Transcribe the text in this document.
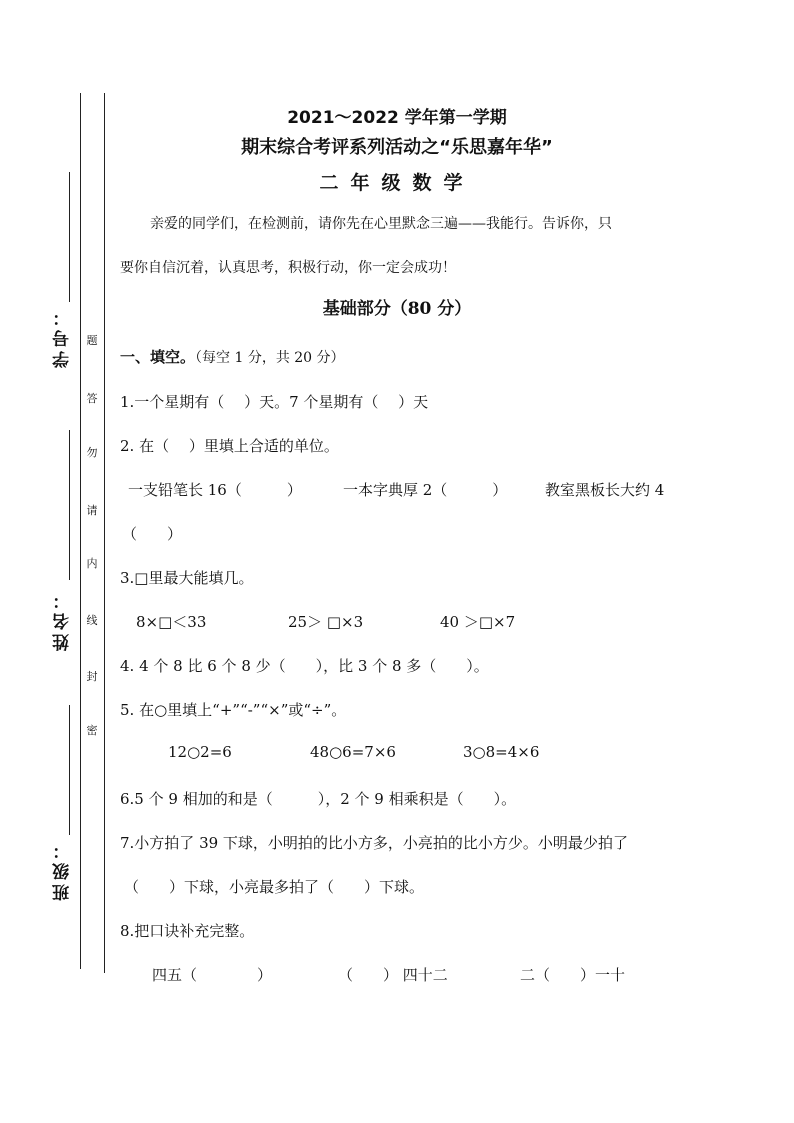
学号：
姓名：
班级：
题
答
勿
请
内
线
封
密
2021～2022 学年第一学期
期末综合考评系列活动之“乐思嘉年华”
二年级数学
亲爱的同学们，在检测前，请你先在心里默念三遍——我能行。告诉你，只
要你自信沉着，认真思考，积极行动，你一定会成功！
基础部分（80 分）
一、填空。（每空 1 分，共 20 分）
1.一个星期有（　 ）天。7 个星期有（　 ）天
2. 在（　 ）里填上合适的单位。
一支铅笔长 16（　　　）	一本字典厚 2（　　　）	教室黑板长大约 4
（　　）
3.□里最大能填几。
8×□＜33	25＞ □×3	40 ＞□×7
4. 4 个 8 比 6 个 8 少（　　），比 3 个 8 多（　　）。
5. 在○里填上“+”“-”“×”或“÷”。
12○2=6	48○6=7×6	3○8=4×6
6.5 个 9 相加的和是（　　　），2 个 9 相乘积是（　　）。
7.小方拍了 39 下球，小明拍的比小方多，小亮拍的比小方少。小明最少拍了
（　　）下球，小亮最多拍了（　　）下球。
8.把口诀补充完整。
四五（　　　　）	（　　） 四十二	二（　　）一十
